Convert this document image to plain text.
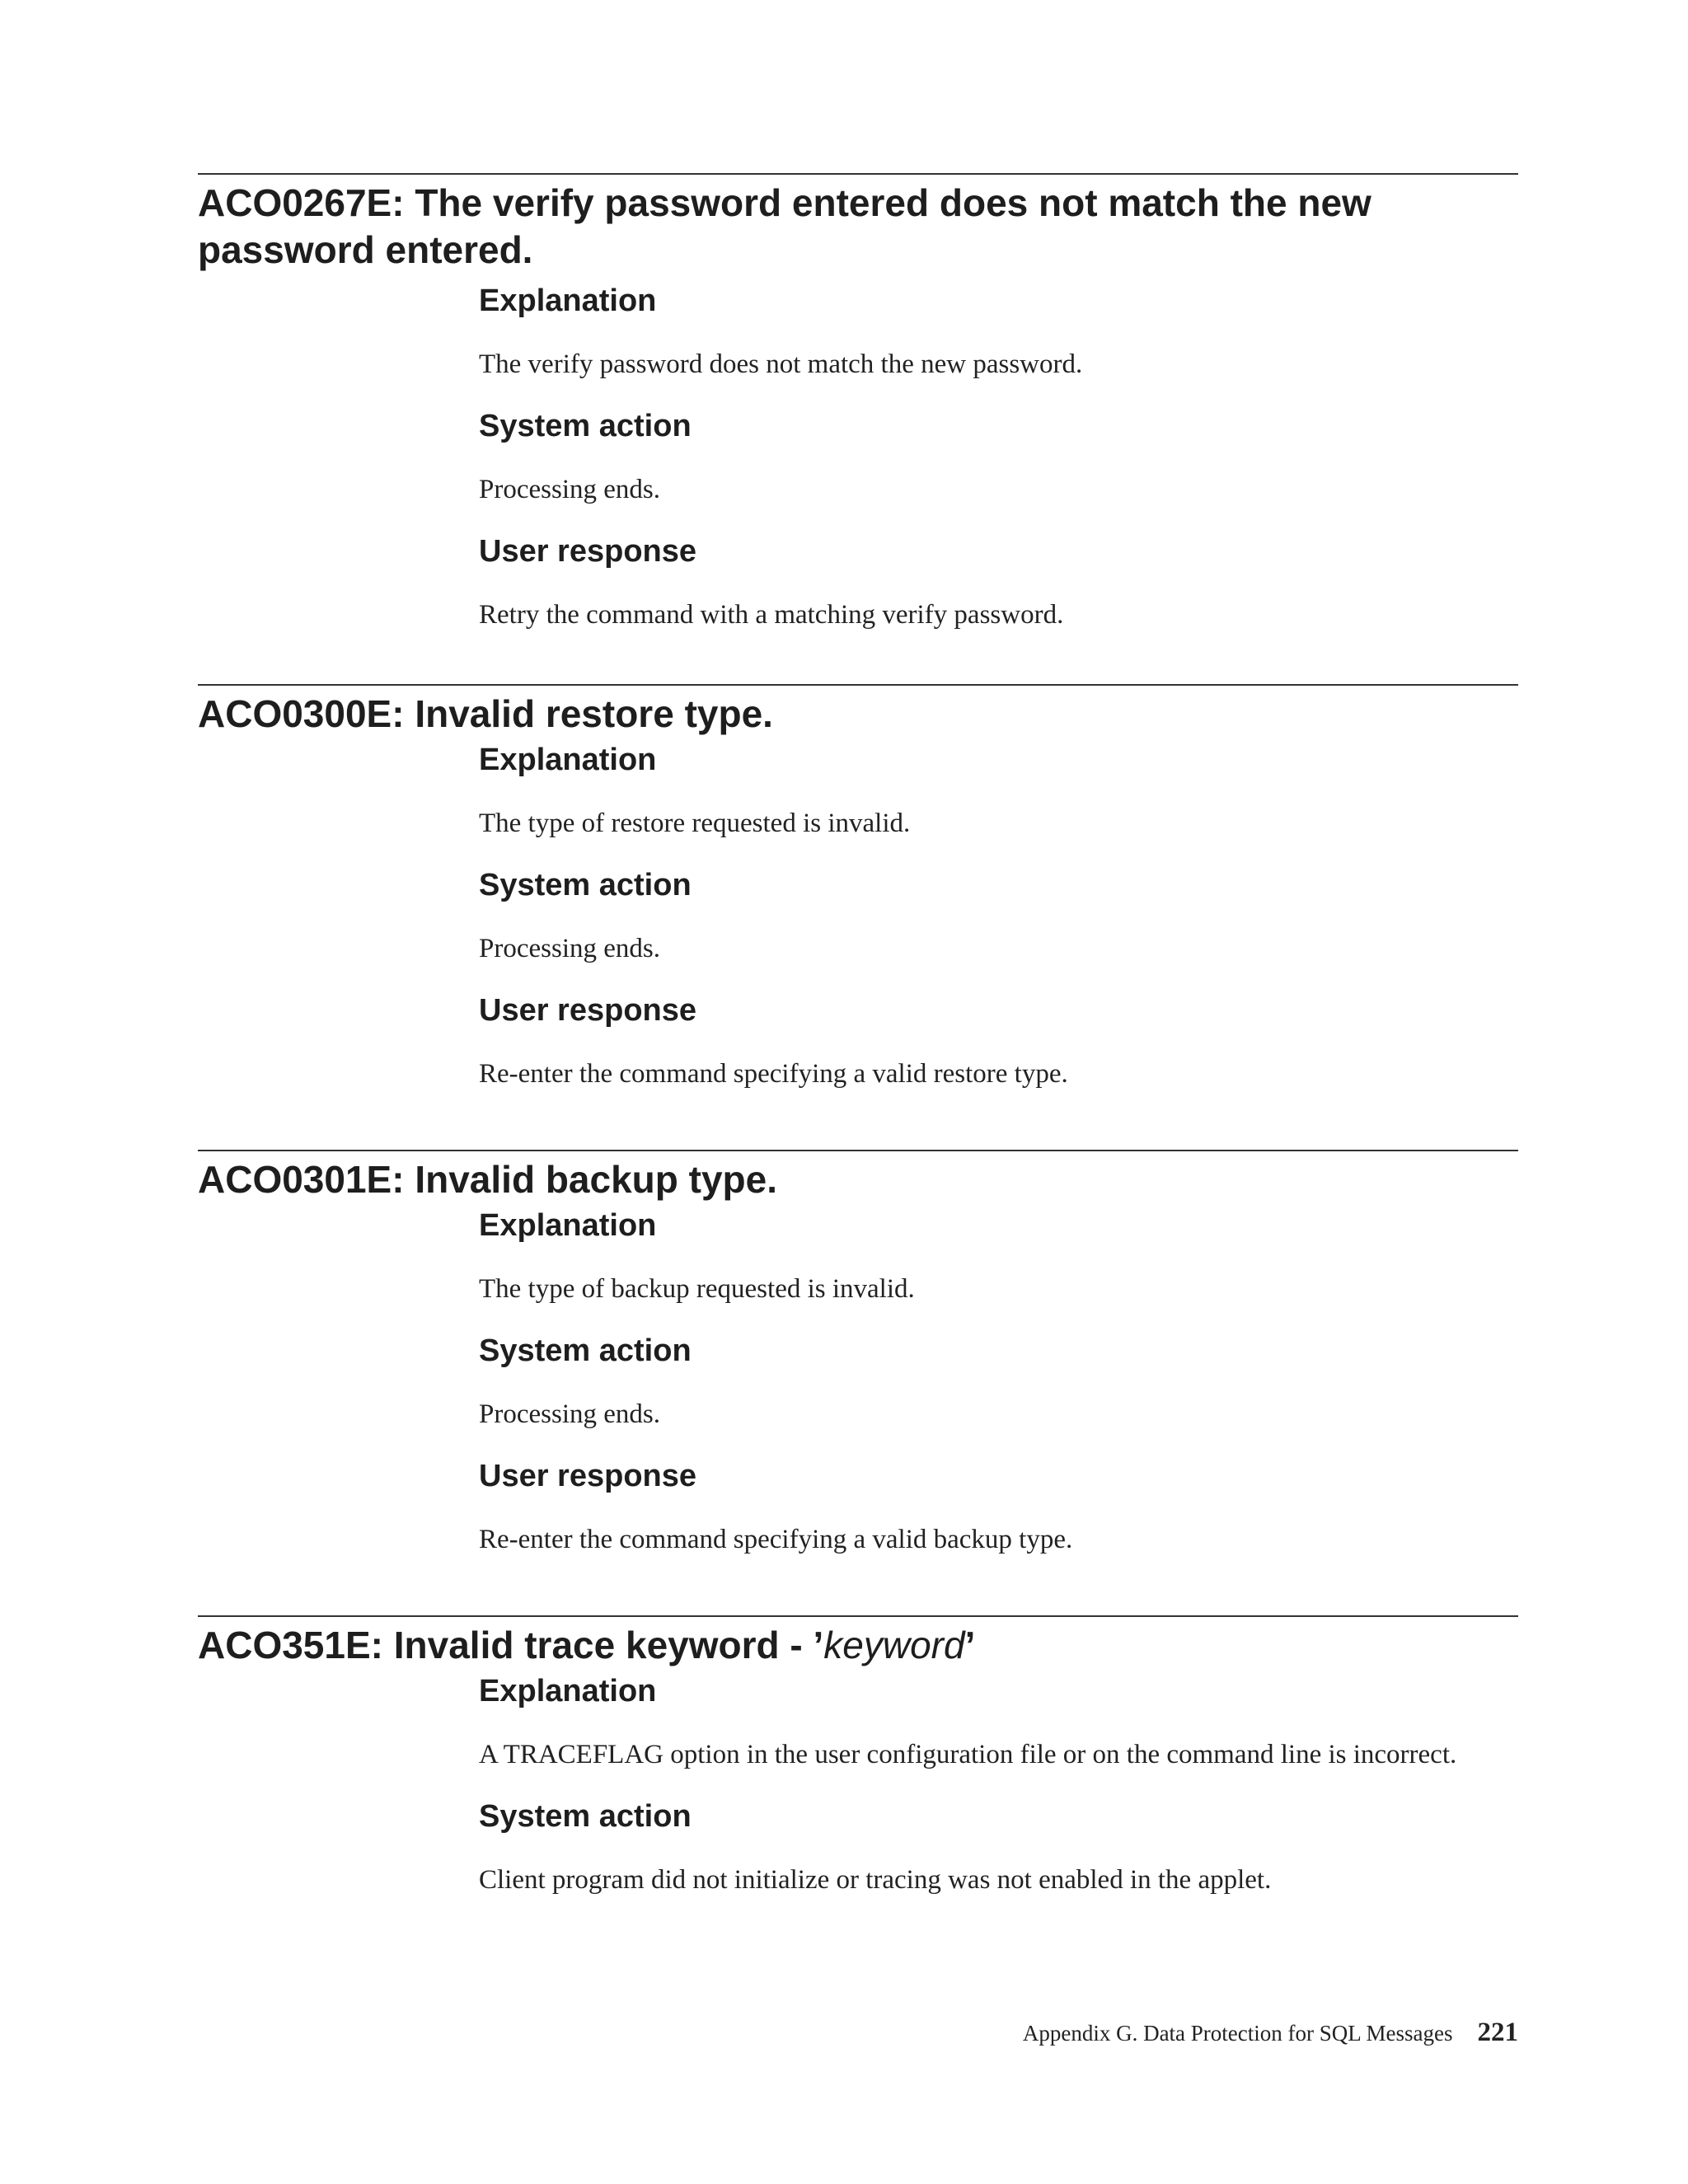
ACO0267E: The verify password entered does not match the new password entered.
Explanation

The verify password does not match the new password.

System action

Processing ends.

User response

Retry the command with a matching verify password.

ACO0300E: Invalid restore type.
Explanation

The type of restore requested is invalid.

System action

Processing ends.

User response

Re-enter the command specifying a valid restore type.

ACO0301E: Invalid backup type.
Explanation

The type of backup requested is invalid.

System action

Processing ends.

User response

Re-enter the command specifying a valid backup type.

ACO351E: Invalid trace keyword - ’keyword’
Explanation

A TRACEFLAG option in the user configuration file or on the command line is incorrect.

System action

Client program did not initialize or tracing was not enabled in the applet.

Appendix G. Data Protection for SQL Messages 221
